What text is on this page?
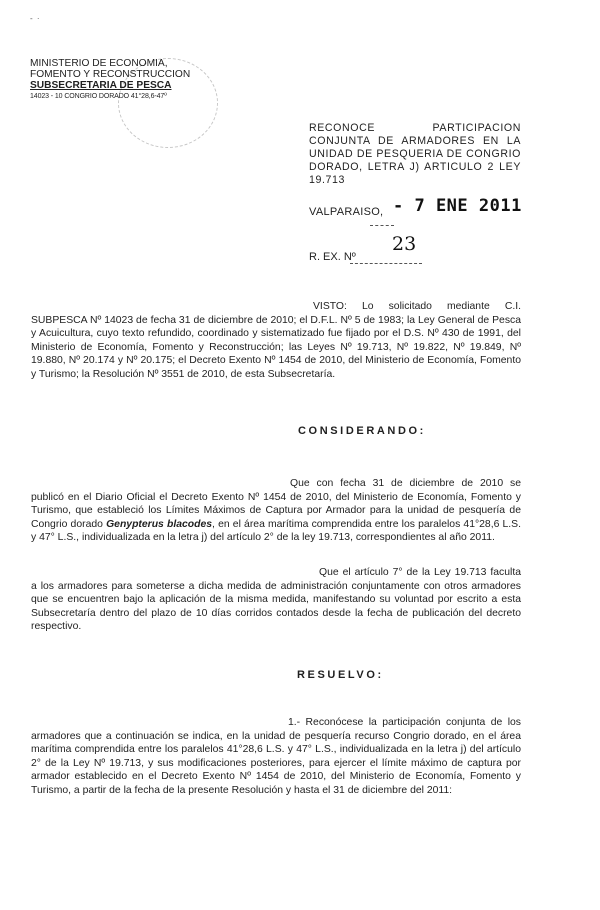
- ·
MINISTERIO DE ECONOMIA,
FOMENTO Y RECONSTRUCCION
SUBSECRETARIA DE PESCA
14023 - 10 CONGRIO DORADO 41°28,6-47º
RECONOCE PARTICIPACION CONJUNTA DE ARMADORES EN LA UNIDAD DE PESQUERIA DE CONGRIO DORADO, LETRA J) ARTICULO 2 LEY 19.713
VALPARAISO, - 7 ENE 2011
R. EX. Nº
23
VISTO: Lo solicitado mediante C.I. SUBPESCA Nº 14023 de fecha 31 de diciembre de 2010; el D.F.L. Nº 5 de 1983; la Ley General de Pesca y Acuicultura, cuyo texto refundido, coordinado y sistematizado fue fijado por el D.S. Nº 430 de 1991, del Ministerio de Economía, Fomento y Reconstrucción; las Leyes Nº 19.713, Nº 19.822, Nº 19.849, Nº 19.880, Nº 20.174 y Nº 20.175; el Decreto Exento Nº 1454 de 2010, del Ministerio de Economía, Fomento y Turismo; la Resolución Nº 3551 de 2010, de esta Subsecretaría.
CONSIDERANDO:
Que con fecha 31 de diciembre de 2010 se publicó en el Diario Oficial el Decreto Exento Nº 1454 de 2010, del Ministerio de Economía, Fomento y Turismo, que estableció los Límites Máximos de Captura por Armador para la unidad de pesquería de Congrio dorado Genypterus blacodes, en el área marítima comprendida entre los paralelos 41°28,6 L.S. y 47° L.S., individualizada en la letra j) del artículo 2° de la ley 19.713, correspondientes al año 2011.
Que el artículo 7° de la Ley 19.713 faculta a los armadores para someterse a dicha medida de administración conjuntamente con otros armadores que se encuentren bajo la aplicación de la misma medida, manifestando su voluntad por escrito a esta Subsecretaría dentro del plazo de 10 días corridos contados desde la fecha de publicación del decreto respectivo.
RESUELVO:
1.- Reconócese la participación conjunta de los armadores que a continuación se indica, en la unidad de pesquería recurso Congrio dorado, en el área marítima comprendida entre los paralelos 41°28,6 L.S. y 47° L.S., individualizada en la letra j) del artículo 2° de la Ley Nº 19.713, y sus modificaciones posteriores, para ejercer el límite máximo de captura por armador establecido en el Decreto Exento Nº 1454 de 2010, del Ministerio de Economía, Fomento y Turismo, a partir de la fecha de la presente Resolución y hasta el 31 de diciembre del 2011:
